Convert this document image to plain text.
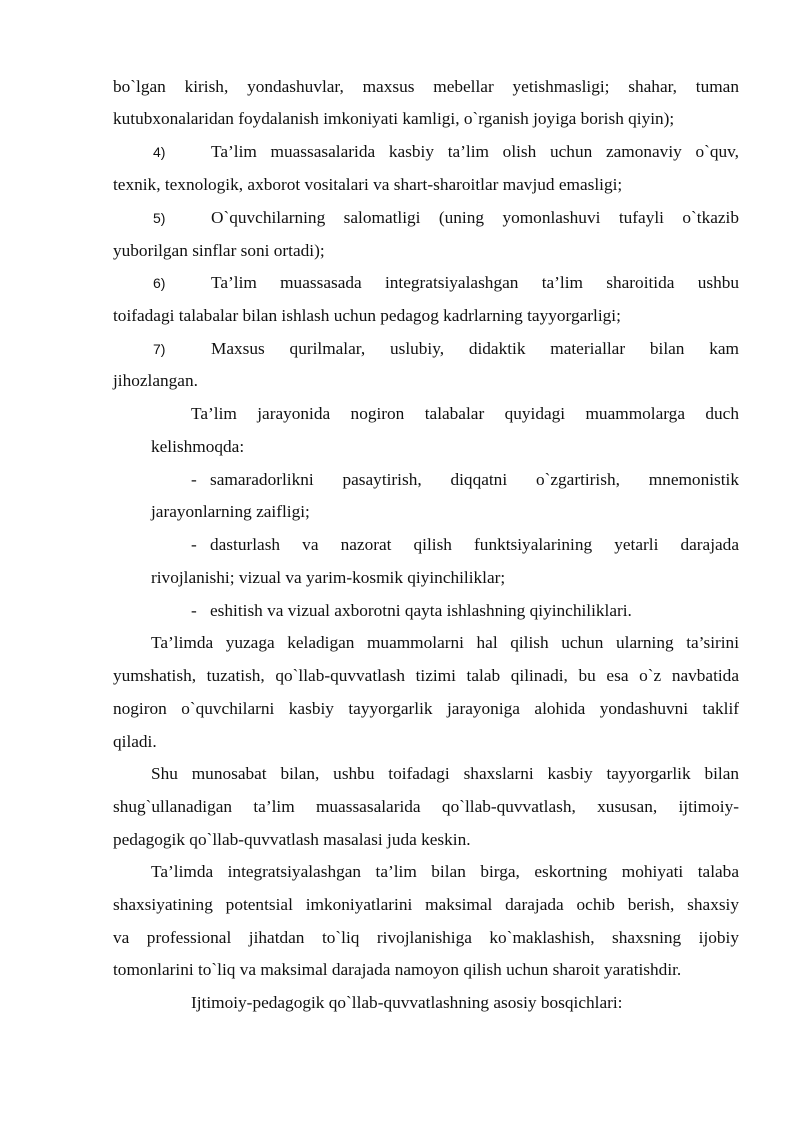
bo`lgan kirish, yondashuvlar, maxsus mebellar yetishmasligi; shahar, tuman
kutubxonalaridan foydalanish imkoniyati kamligi, o`rganish joyiga borish qiyin);
4)	Ta’lim muassasalarida kasbiy ta’lim olish uchun zamonaviy o`quv,
texnik, texnologik, axborot vositalari va shart-sharoitlar mavjud emasligi;
5)	O`quvchilarning salomatligi (uning yomonlashuvi tufayli o`tkazib
yuborilgan sinflar soni ortadi);
6)	Ta’lim muassasada integratsiyalashgan ta’lim sharoitida ushbu
toifadagi talabalar bilan ishlash uchun pedagog kadrlarning tayyorgarligi;
7)	Maxsus qurilmalar, uslubiy, didaktik materiallar bilan kam
jihozlangan.
Ta’lim jarayonida nogiron talabalar quyidagi muammolarga duch
kelishmoqda:
- samaradorlikni pasaytirish, diqqatni o`zgartirish, mnemonistik
jarayonlarning zaifligi;
- dasturlash va nazorat qilish funktsiyalarining yetarli darajada
rivojlanishi; vizual va yarim-kosmik qiyinchiliklar;
- eshitish va vizual axborotni qayta ishlashning qiyinchiliklari.
Ta’limda yuzaga keladigan muammolarni hal qilish uchun ularning ta’sirini
yumshatish, tuzatish, qo`llab-quvvatlash tizimi talab qilinadi, bu esa o`z navbatida
nogiron o`quvchilarni kasbiy tayyorgarlik jarayoniga alohida yondashuvni taklif
qiladi.
Shu munosabat bilan, ushbu toifadagi shaxslarni kasbiy tayyorgarlik bilan
shug`ullanadigan ta’lim muassasalarida qo`llab-quvvatlash, xususan, ijtimoiy-
pedagogik qo`llab-quvvatlash masalasi juda keskin.
Ta’limda integratsiyalashgan ta’lim bilan birga, eskortning mohiyati talaba
shaxsiyatining potentsial imkoniyatlarini maksimal darajada ochib berish, shaxsiy
va professional jihatdan to`liq rivojlanishiga ko`maklashish, shaxsning ijobiy
tomonlarini to`liq va maksimal darajada namoyon qilish uchun sharoit yaratishdir.
Ijtimoiy-pedagogik qo`llab-quvvatlashning asosiy bosqichlari:
